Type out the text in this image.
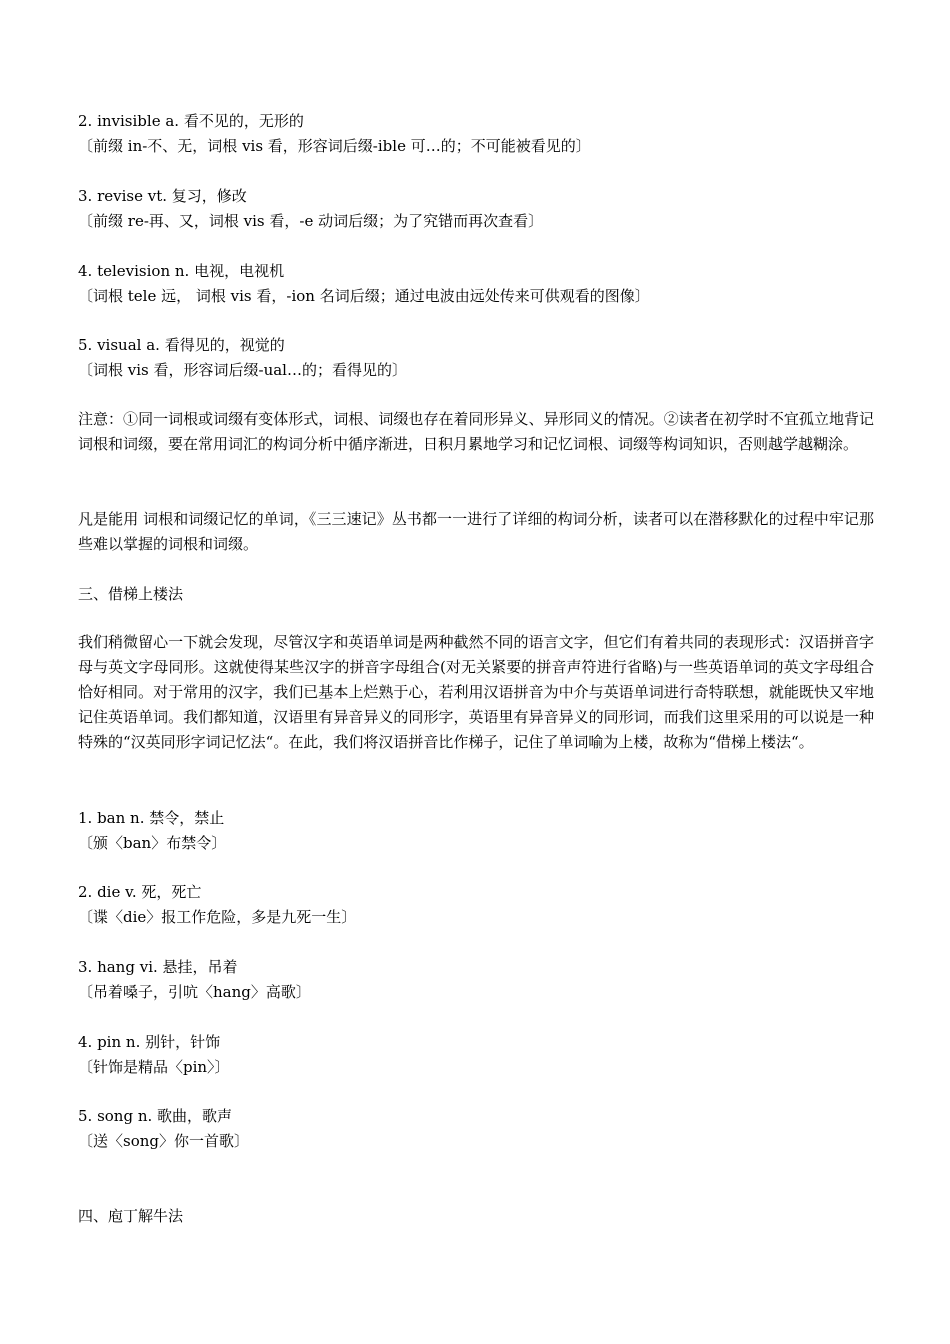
2. invisible a. 看不见的，无形的
〔前缀 in-不、无，词根 vis 看，形容词后缀-ible 可…的；不可能被看见的〕
3. revise vt. 复习，修改
〔前缀 re-再、又，词根 vis 看，-e 动词后缀；为了究错而再次查看〕
4. television n. 电视，电视机
〔词根 tele 远， 词根 vis 看，-ion 名词后缀；通过电波由远处传来可供观看的图像〕
5. visual a. 看得见的，视觉的
〔词根 vis 看，形容词后缀-ual…的；看得见的〕
注意：①同一词根或词缀有变体形式，词根、词缀也存在着同形异义、异形同义的情况。②读者在初学时不宜孤立地背记词根和词缀，要在常用词汇的构词分析中循序渐进，日积月累地学习和记忆词根、词缀等构词知识，否则越学越糊涂。
凡是能用 词根和词缀记忆的单词，《三三速记》丛书都一一进行了详细的构词分析，读者可以在潜移默化的过程中牢记那些难以掌握的词根和词缀。
三、借梯上楼法
我们稍微留心一下就会发现，尽管汉字和英语单词是两种截然不同的语言文字，但它们有着共同的表现形式：汉语拼音字母与英文字母同形。这就使得某些汉字的拼音字母组合(对无关紧要的拼音声符进行省略)与一些英语单词的英文字母组合恰好相同。对于常用的汉字，我们已基本上烂熟于心，若利用汉语拼音为中介与英语单词进行奇特联想，就能既快又牢地记住英语单词。我们都知道，汉语里有异音异义的同形字，英语里有异音异义的同形词，而我们这里采用的可以说是一种特殊的“汉英同形字词记忆法“。在此，我们将汉语拼音比作梯子，记住了单词喻为上楼，故称为“借梯上楼法“。
1. ban n. 禁令，禁止
〔颁〈ban〉布禁令〕
2. die v. 死，死亡
〔谍〈die〉报工作危险，多是九死一生〕
3. hang vi. 悬挂，吊着
〔吊着嗓子，引吭〈hang〉高歌〕
4. pin n. 别针，针饰
〔针饰是精品〈pin〉〕
5. song n. 歌曲，歌声
〔送〈song〉你一首歌〕
四、庖丁解牛法
